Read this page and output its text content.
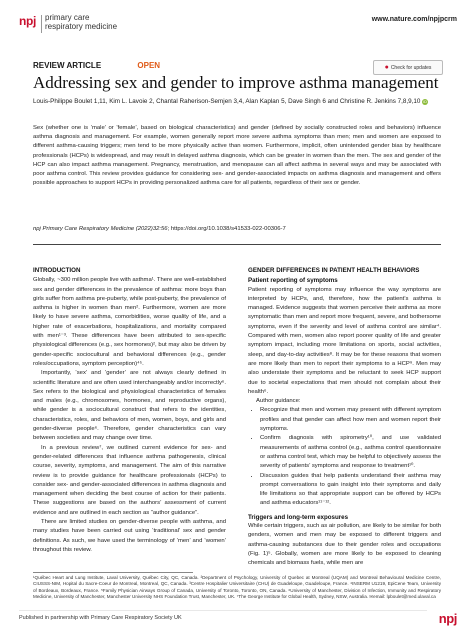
npj primary care
respiratory medicine
www.nature.com/npjpcrm
REVIEW ARTICLE	OPEN	● Check for updates
Addressing sex and gender to improve asthma management
Louis-Philippe Boulet 1,11, Kim L. Lavoie 2, Chantal Raherison-Semjen 3,4, Alan Kaplan 5, Dave Singh 6 and Christine R. Jenkins 7,8,9,10 iD
Sex (whether one is ‘male’ or ‘female’, based on biological characteristics) and gender (defined by socially constructed roles and behaviors) influence asthma diagnosis and management. For example, women generally report more severe asthma symptoms than men; men and women are exposed to different asthma-causing triggers; men tend to be more physically active than women. Furthermore, implicit, often unintended gender bias by healthcare professionals (HCPs) is widespread, and may result in delayed asthma diagnosis, which can be greater in women than the men. The sex and gender of the HCP can also impact asthma management. Pregnancy, menstruation, and menopause can all affect asthma in several ways and may be associated with poor asthma control. This review provides guidance for considering sex- and gender-associated impacts on asthma diagnosis and management and offers possible approaches to support HCPs in providing personalized asthma care for all patients, regardless of their sex or gender.
npj Primary Care Respiratory Medicine (2022)32:56; https://doi.org/10.1038/s41533-022-00306-7
INTRODUCTION

Globally, ~300 million people live with asthma¹. There are well-established sex and gender differences in the prevalence of asthma: more boys than girls suffer from asthma pre-puberty, while post-puberty, the prevalence of asthma is higher in women than men². Furthermore, women are more likely to have severe asthma, comorbidities, worse quality of life, and a higher rate of exacerbations, hospitalizations, and mortality compared with men¹⁻³. These differences have been attributed to sex-specific physiological differences (e.g., sex hormones)², but may also be driven by gender-specific sociocultural and behavioral differences (e.g., gender roles/occupations, symptom perception)⁴⁵.

Importantly, ‘sex’ and ‘gender’ are not always clearly defined in scientific literature and are often used interchangeably and/or incorrectly⁶. Sex refers to the biological and physiological characteristics of females and males (e.g., chromosomes, hormones, and reproductive organs), while gender is a sociocultural construct that refers to the identities, characteristics, roles, and behaviors of men, women, boys, and girls and gender-diverse people⁶. Therefore, gender characteristics can vary between societies and may change over time.

In a previous review⁷, we outlined current evidence for sex- and gender-related differences that influence asthma pathogenesis, clinical course, severity, symptoms, and management. The aim of this narrative review is to provide guidance for healthcare professionals (HCPs) to consider sex- and gender-associated differences in asthma diagnosis and management when deciding the best course of action for their patients. These suggestions are based on the authors’ assessment of current evidence and are outlined in each section as “author guidance”.

There are limited studies on gender-diverse people with asthma, and many studies have been carried out using ‘traditional’ sex and gender definitions. As such, we have used the terminology of ‘men’ and ‘women’ throughout this review.

GENDER DIFFERENCES IN PATIENT HEALTH BEHAVIORS
Patient reporting of symptoms

Patient reporting of symptoms may influence the way symptoms are interpreted by HCPs, and, therefore, how the patient’s asthma is managed. Evidence suggests that women perceive their asthma as more symptomatic than men and report more frequent, severe, and bothersome symptoms, even if the severity and level of asthma control are similar⁴. Compared with men, women also report poorer quality of life and greater symptom impact, including more limitations on sports, social activities, sleep, and day-to-day activities⁸. It may be for these reasons that women are more likely than men to report their symptoms to a HCP⁹. Men may also understate their symptoms and be reluctant to seek HCP support due to societal expectations that men should not complain about their health⁶.

Author guidance:

• Recognize that men and women may present with different symptom profiles and that gender can affect how men and women report their symptoms.
• Confirm diagnosis with spirometry¹⁰, and use validated measurements of asthma control (e.g., asthma control questionnaire or asthma control test, which may be helpful to objectively assess the severity of patients’ symptoms and response to treatment¹⁰.
• Discussion guides that help patients understand their asthma may prompt conversations to gain insight into their symptoms and daily life limitations so that appropriate support can be offered by HCPs and asthma educators¹¹⁻¹².
Triggers and long-term exposures

While certain triggers, such as air pollution, are likely to be similar for both genders, women and men may be exposed to different triggers and asthma-causing substances due to their gender roles and occupations (Fig. 1)⁵. Globally, women are more likely to be exposed to cleaning chemicals and biomass fuels, while men are

¹Québec Heart and Lung Institute, Laval University, Québec City, QC, Canada. ²Department of Psychology, University of Quebec at Montreal (UQAM) and Montreal Behavioural Medicine Centre, CIUSSS-NIM, Hopital du Sacre-Coeur de Montreal, Montreal, QC, Canada. ³Centre Hospitalier Universitaire (CHU) de Guadeloupe, Guadeloupe, France. ⁴INSERM U1219, EpiCene Team, University of Bordeaux, Bordeaux, France. ⁵Family Physician Airways Group of Canada, University of Toronto, Toronto, ON, Canada. ⁶University of Manchester, Division of Infection, Immunity and Respiratory Medicine, University of Manchester, Manchester University NHS Foundation Trust, Manchester, UK. ⁷The George Institute for Global Health, Sydney, NSW, Australia. ✉email: lpboulet@med.ulaval.ca
Published in partnership with Primary Care Respiratory Society UK	npj
